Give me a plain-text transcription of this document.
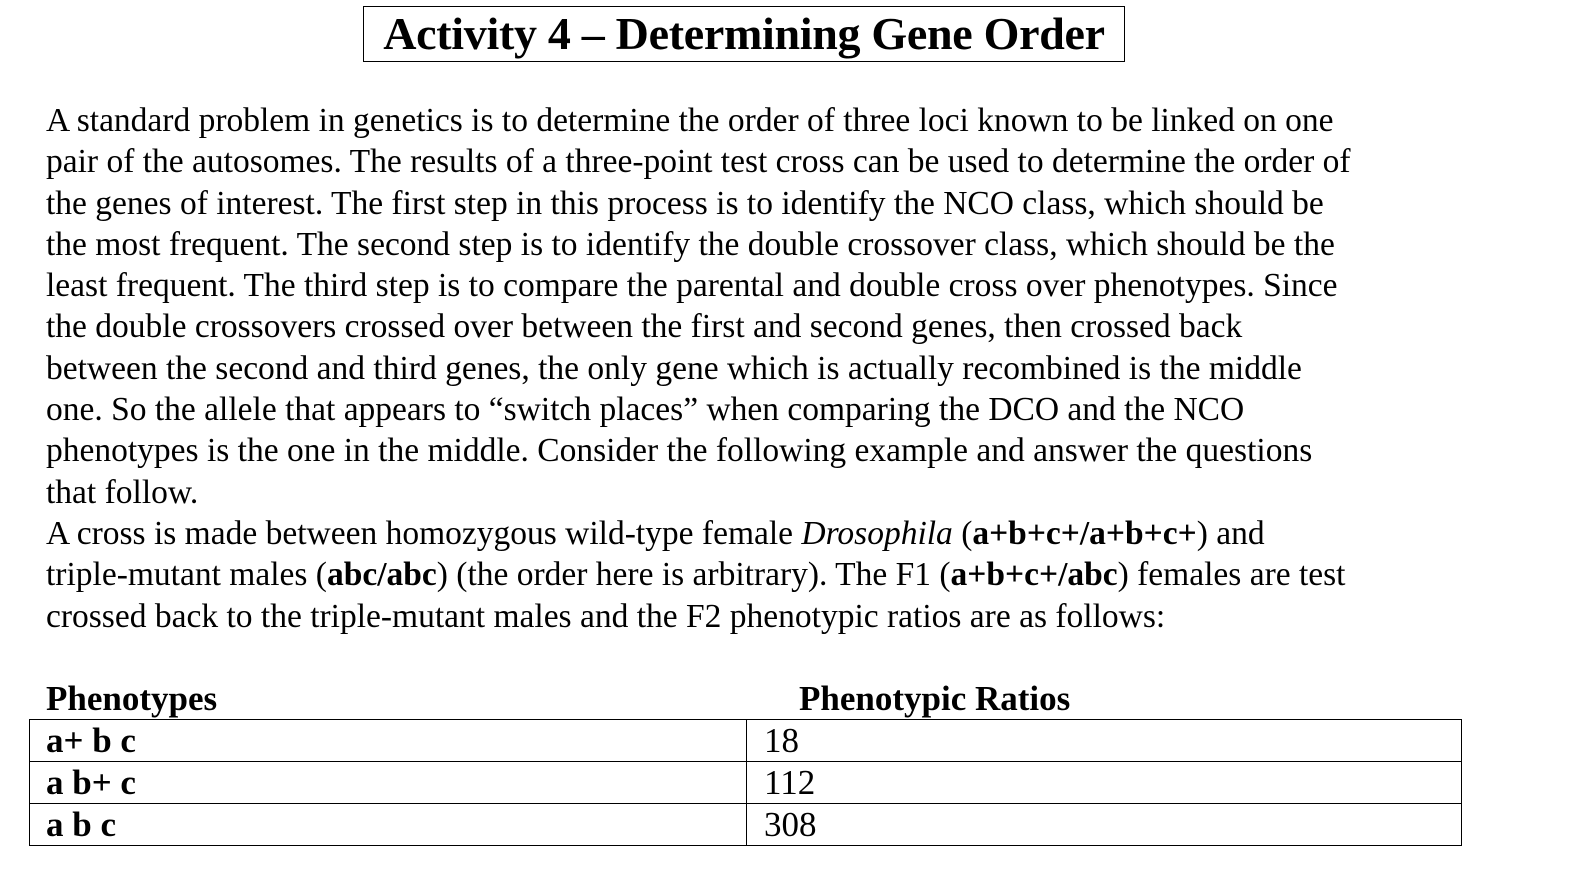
Activity 4 – Determining Gene Order

A standard problem in genetics is to determine the order of three loci known to be linked on one
pair of the autosomes. The results of a three-point test cross can be used to determine the order of
the genes of interest. The first step in this process is to identify the NCO class, which should be
the most frequent. The second step is to identify the double crossover class, which should be the
least frequent. The third step is to compare the parental and double cross over phenotypes. Since
the double crossovers crossed over between the first and second genes, then crossed back
between the second and third genes, the only gene which is actually recombined is the middle
one. So the allele that appears to “switch places” when comparing the DCO and the NCO
phenotypes is the one in the middle. Consider the following example and answer the questions
that follow.

A cross is made between homozygous wild-type female Drosophila (a+b+c+/a+b+c+) and
triple-mutant males (abc/abc) (the order here is arbitrary). The F1 (a+b+c+/abc) females are test
crossed back to the triple-mutant males and the F2 phenotypic ratios are as follows:

Phenotypes	Phenotypic Ratios
a+ b c	18
a b+ c	112
a b c	308
